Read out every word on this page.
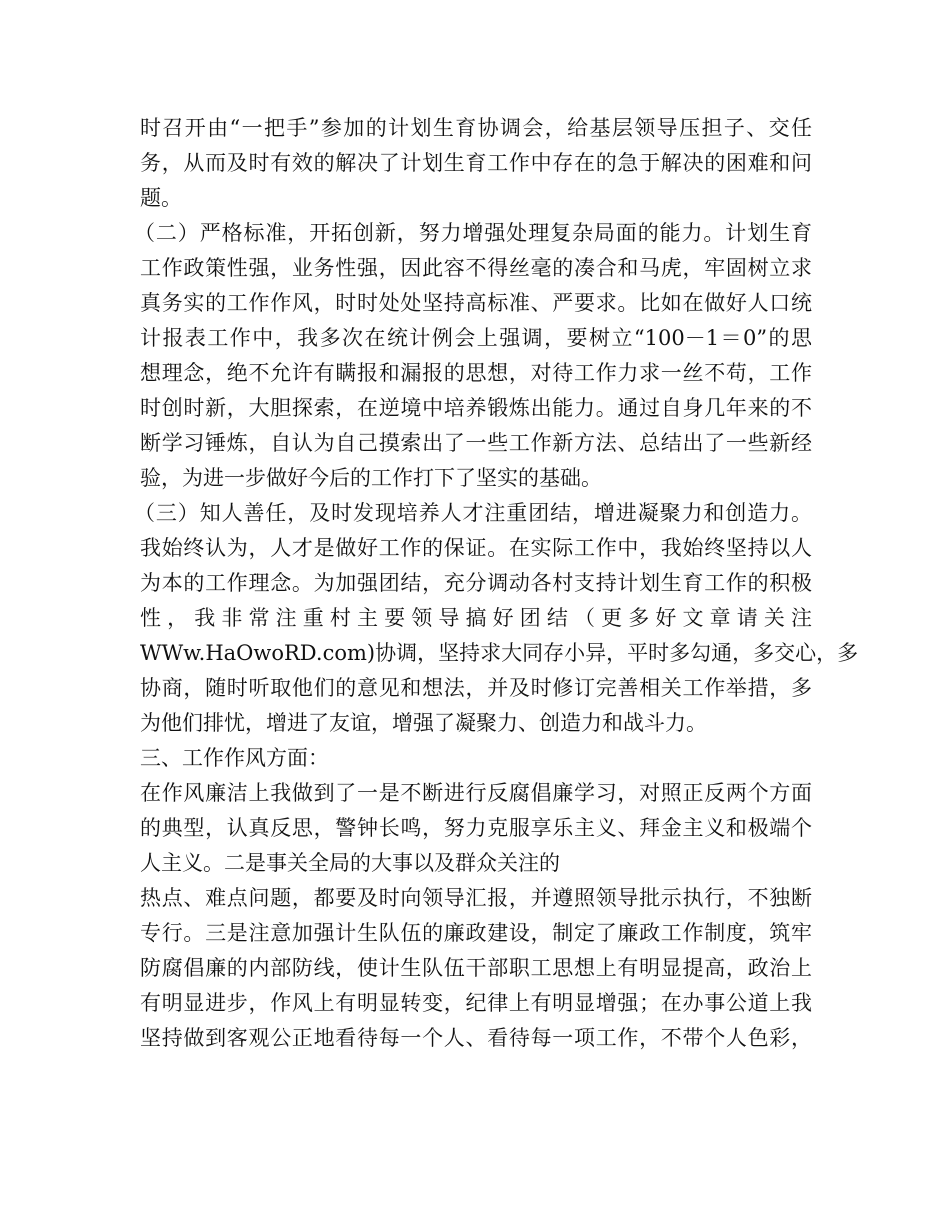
时召开由“一把手”参加的计划生育协调会，给基层领导压担子、交任
务，从而及时有效的解决了计划生育工作中存在的急于解决的困难和问
题。
（二）严格标准，开拓创新，努力增强处理复杂局面的能力。计划生育
工作政策性强，业务性强，因此容不得丝毫的凑合和马虎，牢固树立求
真务实的工作作风，时时处处坚持高标准、严要求。比如在做好人口统
计报表工作中，我多次在统计例会上强调，要树立“100－1＝0”的思
想理念，绝不允许有瞒报和漏报的思想，对待工作力求一丝不苟，工作
时创时新，大胆探索，在逆境中培养锻炼出能力。通过自身几年来的不
断学习锤炼，自认为自己摸索出了一些工作新方法、总结出了一些新经
验，为进一步做好今后的工作打下了坚实的基础。
（三）知人善任，及时发现培养人才注重团结，增进凝聚力和创造力。
我始终认为，人才是做好工作的保证。在实际工作中，我始终坚持以人
为本的工作理念。为加强团结，充分调动各村支持计划生育工作的积极
性，我非常注重村主要领导搞好团结（更多好文章请关注
WWw.HaOwoRD.com)协调，坚持求大同存小异，平时多勾通，多交心，多
协商，随时听取他们的意见和想法，并及时修订完善相关工作举措，多
为他们排忧，增进了友谊，增强了凝聚力、创造力和战斗力。
三、工作作风方面：
在作风廉洁上我做到了一是不断进行反腐倡廉学习，对照正反两个方面
的典型，认真反思，警钟长鸣，努力克服享乐主义、拜金主义和极端个
人主义。二是事关全局的大事以及群众关注的
热点、难点问题，都要及时向领导汇报，并遵照领导批示执行，不独断
专行。三是注意加强计生队伍的廉政建设，制定了廉政工作制度，筑牢
防腐倡廉的内部防线，使计生队伍干部职工思想上有明显提高，政治上
有明显进步，作风上有明显转变，纪律上有明显增强；在办事公道上我
坚持做到客观公正地看待每一个人、看待每一项工作，不带个人色彩，
